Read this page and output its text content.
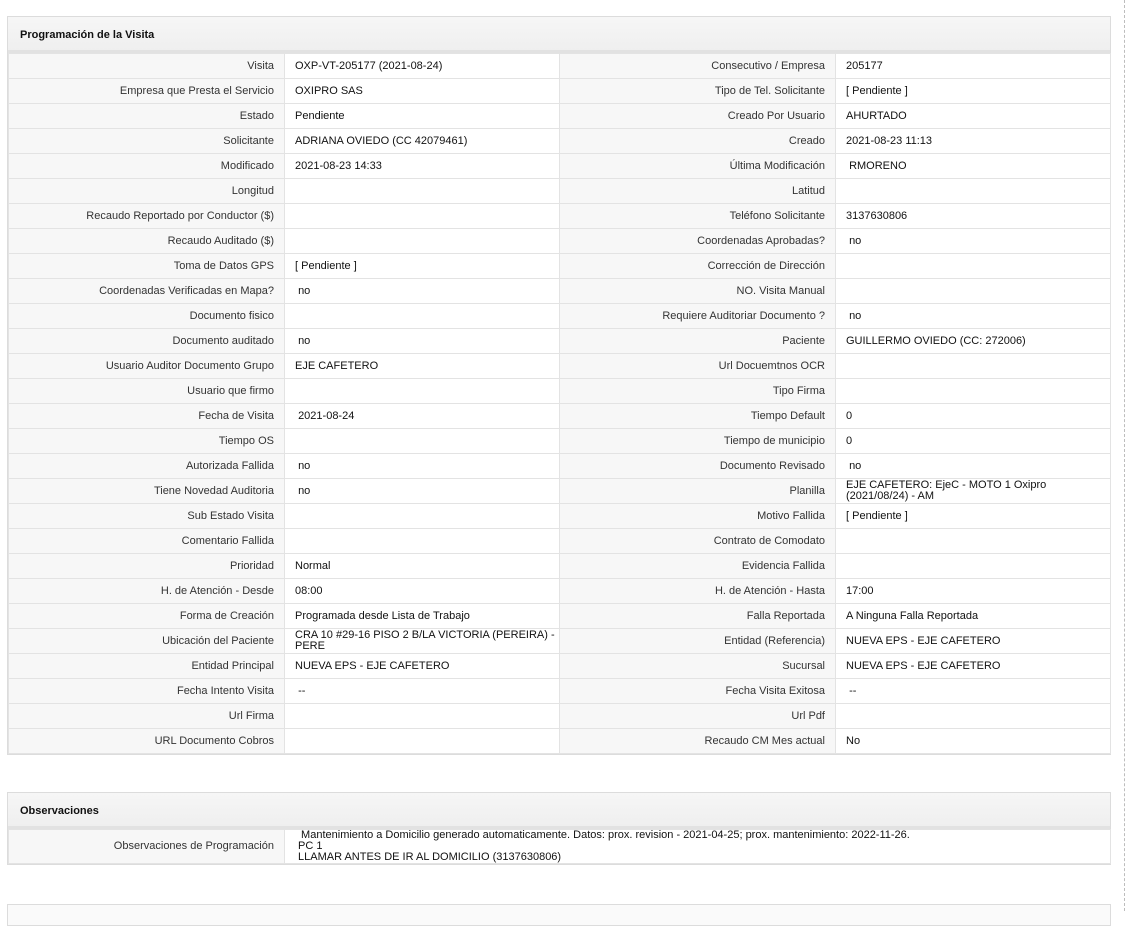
Programación de la Visita
Visita	OXP-VT-205177 (2021-08-24)	Consecutivo / Empresa	205177
Empresa que Presta el Servicio	OXIPRO SAS	Tipo de Tel. Solicitante	[ Pendiente ]
Estado	Pendiente	Creado Por Usuario	AHURTADO
Solicitante	ADRIANA OVIEDO (CC 42079461)	Creado	2021-08-23 11:13
Modificado	2021-08-23 14:33	Última Modificación	RMORENO
Longitud		Latitud	
Recaudo Reportado por Conductor ($)		Teléfono Solicitante	3137630806
Recaudo Auditado ($)		Coordenadas Aprobadas?	no
Toma de Datos GPS	[ Pendiente ]	Corrección de Dirección	
Coordenadas Verificadas en Mapa?	no	NO. Visita Manual	
Documento fisico		Requiere Auditoriar Documento ?	no
Documento auditado	no	Paciente	GUILLERMO OVIEDO (CC: 272006)
Usuario Auditor Documento Grupo	EJE CAFETERO	Url Docuemtnos OCR	
Usuario que firmo		Tipo Firma	
Fecha de Visita	2021-08-24	Tiempo Default	0
Tiempo OS		Tiempo de municipio	0
Autorizada Fallida	no	Documento Revisado	no
Tiene Novedad Auditoria	no	Planilla	EJE CAFETERO: EjeC - MOTO 1 Oxipro (2021/08/24) - AM
Sub Estado Visita		Motivo Fallida	[ Pendiente ]
Comentario Fallida		Contrato de Comodato	
Prioridad	Normal	Evidencia Fallida	
H. de Atención - Desde	08:00	H. de Atención - Hasta	17:00
Forma de Creación	Programada desde Lista de Trabajo	Falla Reportada	A Ninguna Falla Reportada
Ubicación del Paciente	CRA 10 #29-16 PISO 2 B/LA VICTORIA (PEREIRA) - PERE	Entidad (Referencia)	NUEVA EPS - EJE CAFETERO
Entidad Principal	NUEVA EPS - EJE CAFETERO	Sucursal	NUEVA EPS - EJE CAFETERO
Fecha Intento Visita	--	Fecha Visita Exitosa	--
Url Firma		Url Pdf	
URL Documento Cobros		Recaudo CM Mes actual	No
Observaciones
Observaciones de Programación	
Mantenimiento a Domicilio generado automaticamente. Datos: prox. revision - 2021-04-25; prox. mantenimiento: 2022-11-26.
PC 1
LLAMAR ANTES DE IR AL DOMICILIO (3137630806)
